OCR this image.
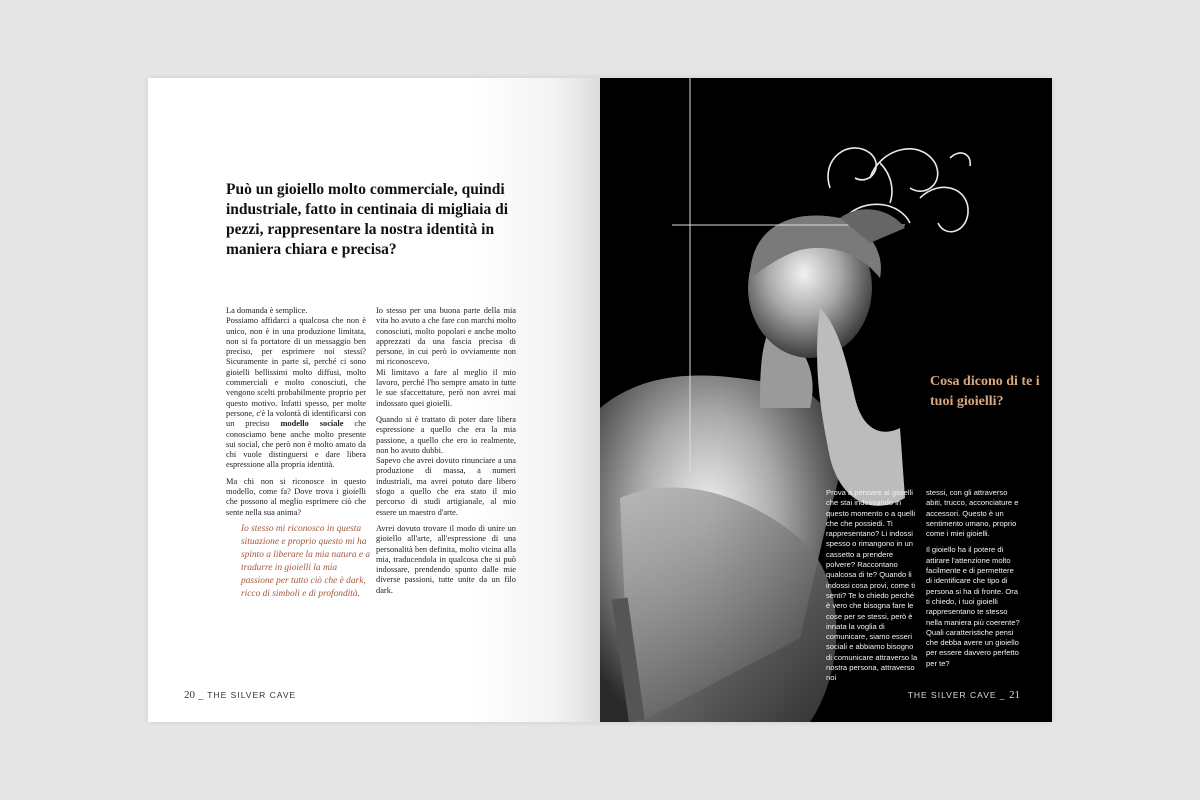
Può un gioiello molto commerciale, quindi industriale, fatto in centinaia di migliaia di pezzi, rappresentare la nostra identità in maniera chiara e precisa?

La domanda è semplice.
Possiamo affidarci a qualcosa che non è unico, non è in una produzione limitata, non si fa portatore di un messaggio ben preciso, per esprimere noi stessi? Sicuramente in parte sì, perché ci sono gioielli bellissimi molto diffusi, molto commerciali e molto conosciuti, che vengono scelti probabilmente proprio per questo motivo. Infatti spesso, per molte persone, c'è la volontà di identificarsi con un preciso modello sociale che conosciamo bene anche molto presente sui social, che però non è molto amato da chi vuole distinguersi e dare libera espressione alla propria identità.

Ma chi non si riconosce in questo modello, come fa? Dove trova i gioielli che possono al meglio esprimere ciò che sente nella sua anima?

Io stesso per una buona parte della mia vita ho avuto a che fare con marchi molto conosciuti, molto popolari e anche molto apprezzati da una fascia precisa di persone, in cui però io ovviamente non mi riconoscevo.
Mi limitavo a fare al meglio il mio lavoro, perché l'ho sempre amato in tutte le sue sfaccettature, però non avrei mai indossato quei gioielli.

Quando si è trattato di poter dare libera espressione a quello che era la mia passione, a quello che ero io realmente, non ho avuto dubbi.
Sapevo che avrei dovuto rinunciare a una produzione di massa, a numeri industriali, ma avrei potuto dare libero sfogo a quello che era stato il mio percorso di studi artigianale, al mio essere un maestro d'arte.

Avrei dovuto trovare il modo di unire un gioiello all'arte, all'espressione di una personalità ben definita, molto vicina alla mia, traducendola in qualcosa che si può indossare, prendendo spunto dalle mie diverse passioni, tutte unite da un filo dark.

Io stesso mi riconosco in questa situazione e proprio questo mi ha spinto a liberare la mia natura e a tradurre in gioielli la mia passione per tutto ciò che è dark, ricco di simboli e di profondità.

20 _ THE SILVER CAVE
Cosa dicono di te i tuoi gioielli?

Prova a pensare ai gioielli che stai indossando in questo momento o a quelli che che possiedi. Ti rappresentano? Li indossi spesso o rimangono in un cassetto a prendere polvere? Raccontano qualcosa di te? Quando li indossi cosa provi, come ti senti? Te lo chiedo perché è vero che bisogna fare le cose per se stessi, però è innata la voglia di comunicare, siamo esseri sociali e abbiamo bisogno di comunicare attraverso la nostra persona, attraverso noi

stessi, con gli attraverso abiti, trucco, acconciature e accessori. Questo è un sentimento umano, proprio come i miei gioielli.

Il gioiello ha il potere di attirare l'attenzione molto facilmente e di permettere di identificare che tipo di persona si ha di fronte. Ora ti chiedo, i tuoi gioielli rappresentano te stesso nella maniera più coerente? Quali caratteristiche pensi che debba avere un gioiello per essere davvero perfetto per te?

THE SILVER CAVE _ 21
